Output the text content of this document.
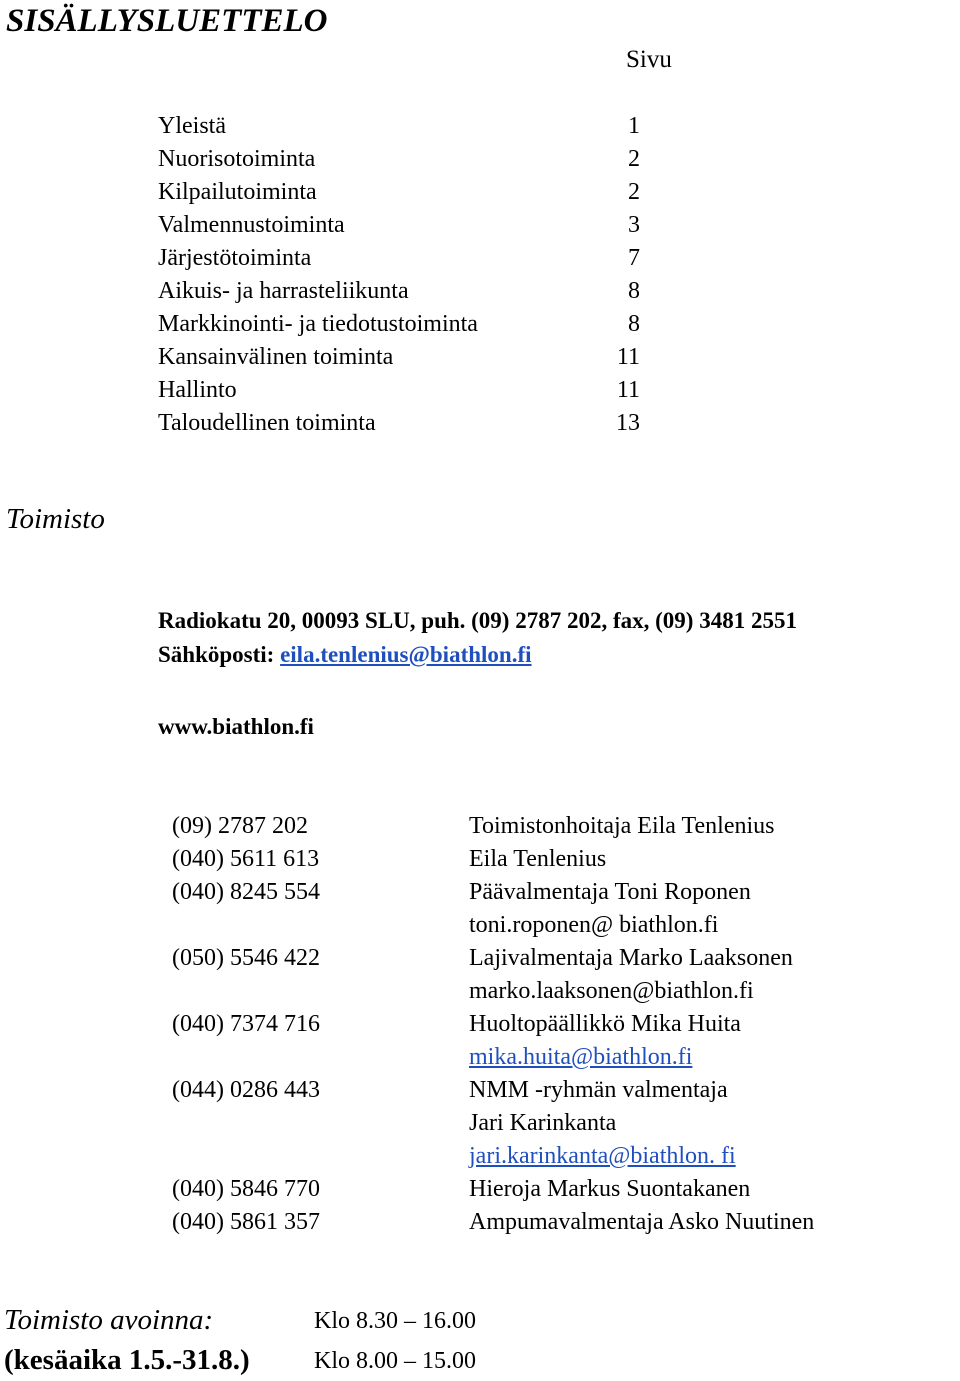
SISÄLLYSLUETTELO
Sivu
Yleistä	1
Nuorisotoiminta	2
Kilpailutoiminta	2
Valmennustoiminta	3
Järjestötoiminta	7
Aikuis- ja harrasteliikunta	8
Markkinointi- ja tiedotustoiminta	8
Kansainvälinen toiminta	11
Hallinto	11
Taloudellinen toiminta	13
Toimisto
Radiokatu 20, 00093 SLU, puh. (09) 2787 202, fax, (09) 3481 2551
Sähköposti: eila.tenlenius@biathlon.fi
www.biathlon.fi
(09) 2787 202	Toimistonhoitaja Eila Tenlenius
(040) 5611 613	Eila Tenlenius
(040) 8245 554	Päävalmentaja Toni Roponen
toni.roponen@ biathlon.fi
(050) 5546 422	Lajivalmentaja Marko Laaksonen
marko.laaksonen@biathlon.fi
(040) 7374 716	Huoltopäällikkö Mika Huita
mika.huita@biathlon.fi
(044) 0286 443	NMM -ryhmän valmentaja
Jari Karinkanta
jari.karinkanta@biathlon. fi
(040) 5846 770	Hieroja Markus Suontakanen
(040) 5861 357	Ampumavalmentaja Asko Nuutinen
Toimisto avoinna:	Klo 8.30 – 16.00
(kesäaika 1.5.-31.8.)	Klo 8.00 – 15.00
